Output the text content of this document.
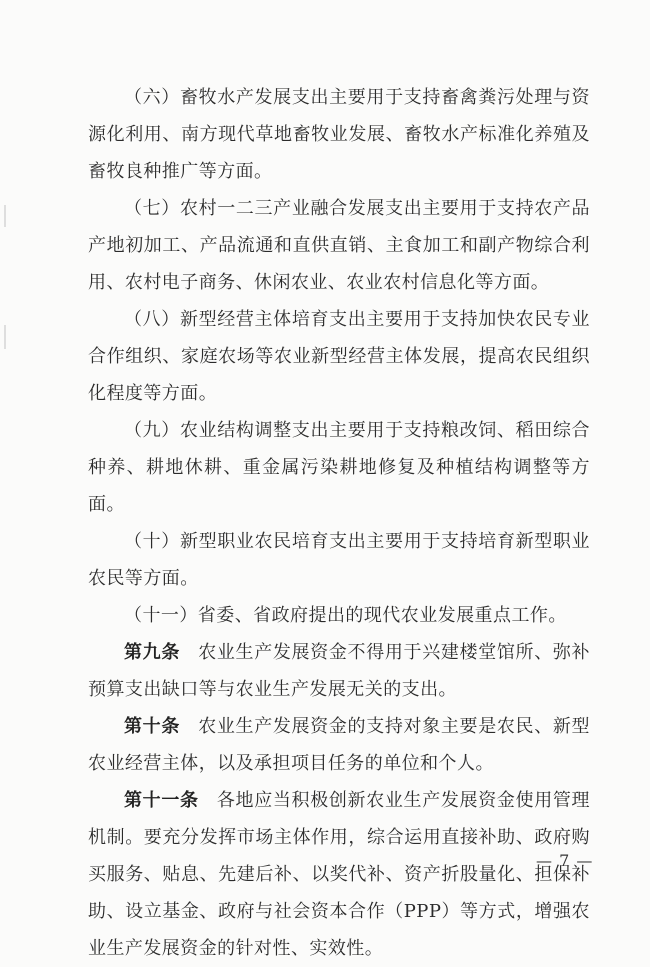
（六）畜牧水产发展支出主要用于支持畜禽粪污处理与资源化利用、南方现代草地畜牧业发展、畜牧水产标准化养殖及畜牧良种推广等方面。

（七）农村一二三产业融合发展支出主要用于支持农产品产地初加工、产品流通和直供直销、主食加工和副产物综合利用、农村电子商务、休闲农业、农业农村信息化等方面。

（八）新型经营主体培育支出主要用于支持加快农民专业合作组织、家庭农场等农业新型经营主体发展，提高农民组织化程度等方面。

（九）农业结构调整支出主要用于支持粮改饲、稻田综合种养、耕地休耕、重金属污染耕地修复及种植结构调整等方面。

（十）新型职业农民培育支出主要用于支持培育新型职业农民等方面。

（十一）省委、省政府提出的现代农业发展重点工作。

第九条 农业生产发展资金不得用于兴建楼堂馆所、弥补预算支出缺口等与农业生产发展无关的支出。

第十条 农业生产发展资金的支持对象主要是农民、新型农业经营主体，以及承担项目任务的单位和个人。

第十一条 各地应当积极创新农业生产发展资金使用管理机制。要充分发挥市场主体作用，综合运用直接补助、政府购买服务、贴息、先建后补、以奖代补、资产折股量化、担保补助、设立基金、政府与社会资本合作（PPP）等方式，增强农业生产发展资金的针对性、实效性。

— 7 —
